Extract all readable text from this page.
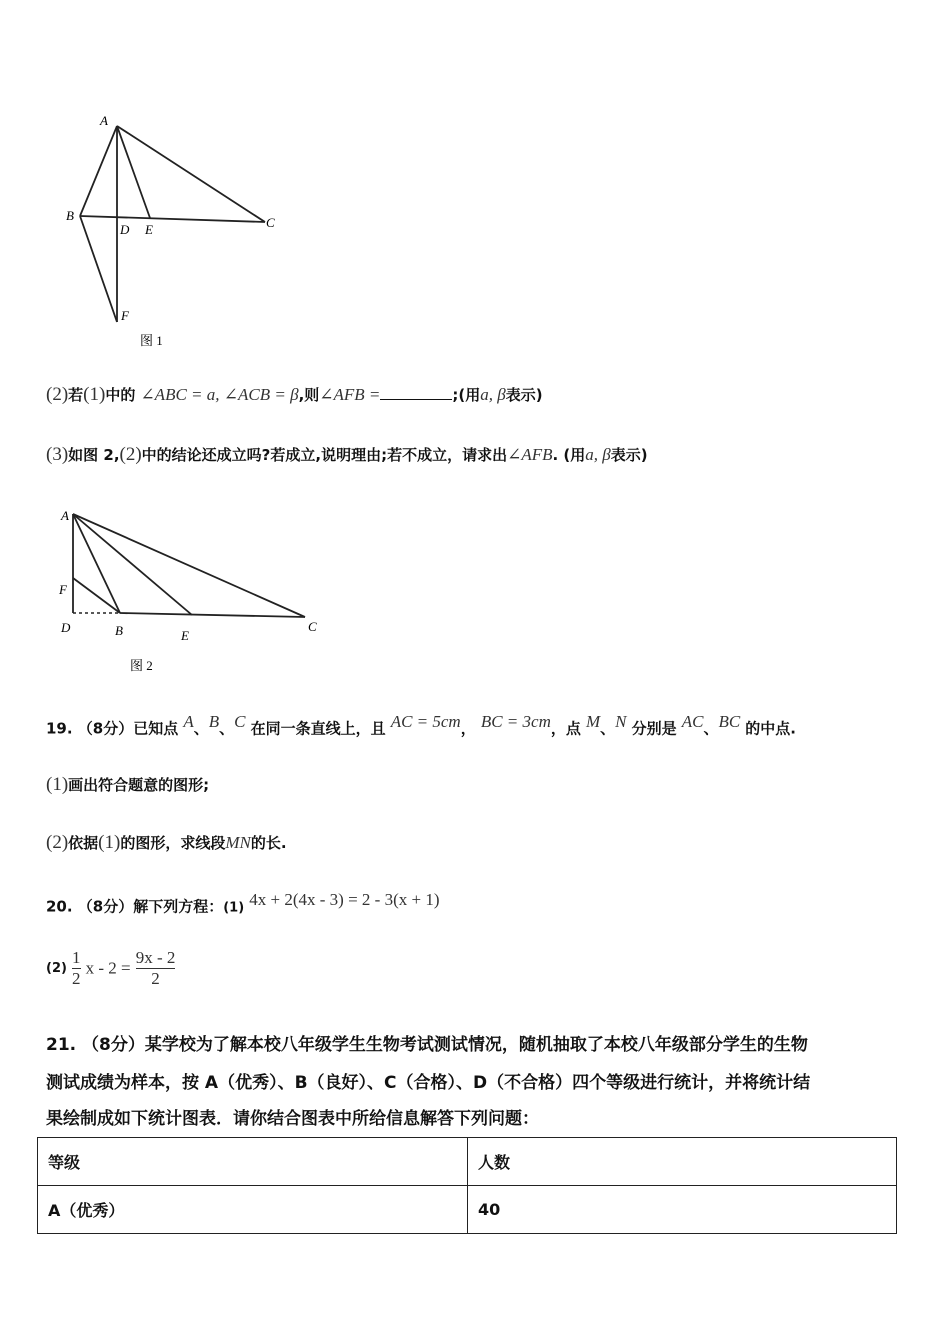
A
B	C
D E
F
图 1
(2)若(1)中的 ∠ABC = a, ∠ACB = β,则∠AFB =	;(用a, β表示)
(3)如图 2,(2)中的结论还成立吗?若成立,说明理由;若不成立，请求出∠AFB. (用a, β表示)
A
F
D	B	E
C
图 2
19. （8分）已知点 $^A$、$^B$、$^C$ 在同一条直线上，且 $^{AC = 5cm}$， $^{BC = 3cm}$，点 $^M$、$^N$ 分别是 $^{AC}$、$^{BC}$ 的中点.
(1)画出符合题意的图形;
(2)依据(1)的图形，求线段MN的长.
20. （8分）解下列方程：(1) $^{4x + 2(4x - 3) = 2 - 3(x + 1)}$
$(2) \frac{1}{2}$ $x - 2 = \frac{9x - 2}{2}$
21. （8分）某学校为了解本校八年级学生生物考试测试情况，随机抽取了本校八年级部分学生的生物
测试成绩为样本，按 A（优秀）、B（良好）、C（合格）、D（不合格）四个等级进行统计，并将统计结
果绘制成如下统计图表．请你结合图表中所给信息解答下列问题：
等级	人数
A（优秀）	40
